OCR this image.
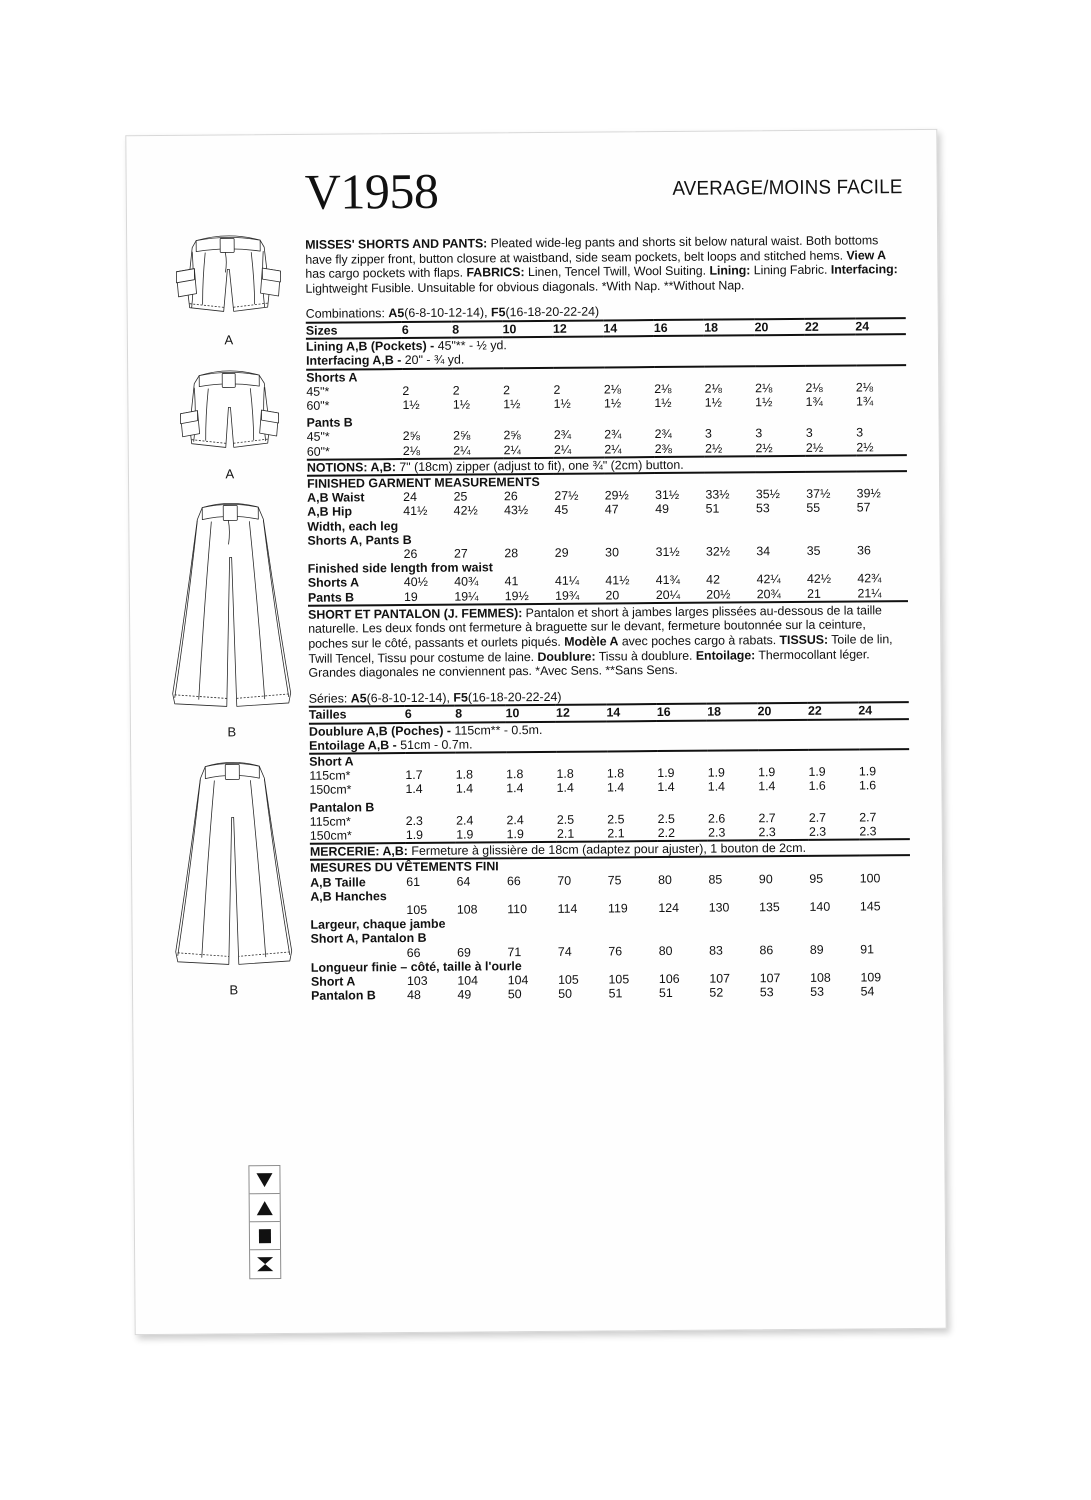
V1958	AVERAGE/MOINS FACILE
A
A
B
B

MISSES' SHORTS AND PANTS: Pleated wide-leg pants and shorts sit below natural waist. Both bottoms have fly zipper front, button closure at waistband, side seam pockets, belt loops and stitched hems. View A has cargo pockets with flaps. FABRICS: Linen, Tencel Twill, Wool Suiting. Lining: Lining Fabric. Interfacing: Lightweight Fusible. Unsuitable for obvious diagonals. *With Nap. **Without Nap.

Combinations: A5(6-8-10-12-14), F5(16-18-20-22-24)

Sizes	6	8	10	12	14	16	18	20	22	24

Lining A,B (Pockets) - 45"** - ½ yd.										
Interfacing A,B - 20" - ¾ yd.										

Shorts A										
45"*	2	2	2	2	2⅛	2⅛	2⅛	2⅛	2⅛	2⅛
60"*	1½	1½	1½	1½	1½	1½	1½	1½	1¾	1¾

Pants B										
45"*	2⅝	2⅝	2⅝	2¾	2¾	2¾	3	3	3	3
60"*	2⅛	2¼	2¼	2¼	2¼	2⅜	2½	2½	2½	2½

NOTIONS: A,B: 7" (18cm) zipper (adjust to fit), one ¾" (2cm) button.										

FINISHED GARMENT MEASUREMENTS										
A,B Waist	24	25	26	27½	29½	31½	33½	35½	37½	39½
A,B Hip	41½	42½	43½	45	47	49	51	53	55	57
Width, each leg										
Shorts A, Pants B										
	26	27	28	29	30	31½	32½	34	35	36
Finished side length from waist										
Shorts A	40½	40¾	41	41¼	41½	41¾	42	42¼	42½	42¾
Pants B	19	19¼	19½	19¾	20	20¼	20½	20¾	21	21¼

SHORT ET PANTALON (J. FEMMES): Pantalon et short à jambes larges plissées au-dessous de la taille naturelle. Les deux fonds ont fermeture à braguette sur le devant, fermeture boutonnée sur la ceinture, poches sur le côté, passants et ourlets piqués. Modèle A avec poches cargo à rabats. TISSUS: Toile de lin, Twill Tencel, Tissu pour costume de laine. Doublure: Tissu à doublure. Entoilage: Thermocollant léger. Grandes diagonales ne conviennent pas. *Avec Sens. **Sans Sens.

Séries: A5(6-8-10-12-14), F5(16-18-20-22-24)

Tailles	6	8	10	12	14	16	18	20	22	24

Doublure A,B (Poches) - 115cm** - 0.5m.										
Entoilage A,B - 51cm - 0.7m.										

Short A										
115cm*	1.7	1.8	1.8	1.8	1.8	1.9	1.9	1.9	1.9	1.9
150cm*	1.4	1.4	1.4	1.4	1.4	1.4	1.4	1.4	1.6	1.6

Pantalon B										
115cm*	2.3	2.4	2.4	2.5	2.5	2.5	2.6	2.7	2.7	2.7
150cm*	1.9	1.9	1.9	2.1	2.1	2.2	2.3	2.3	2.3	2.3

MERCERIE: A,B: Fermeture à glissière de 18cm (adaptez pour ajuster), 1 bouton de 2cm.										

MESURES DU VÊTEMENTS FINI										
A,B Taille	61	64	66	70	75	80	85	90	95	100
A,B Hanches										
	105	108	110	114	119	124	130	135	140	145
Largeur, chaque jambe										
Short A, Pantalon B										
	66	69	71	74	76	80	83	86	89	91
Longueur finie – côté, taille à l'ourle										
Short A	103	104	104	105	105	106	107	107	108	109
Pantalon B	48	49	50	50	51	51	52	53	53	54
